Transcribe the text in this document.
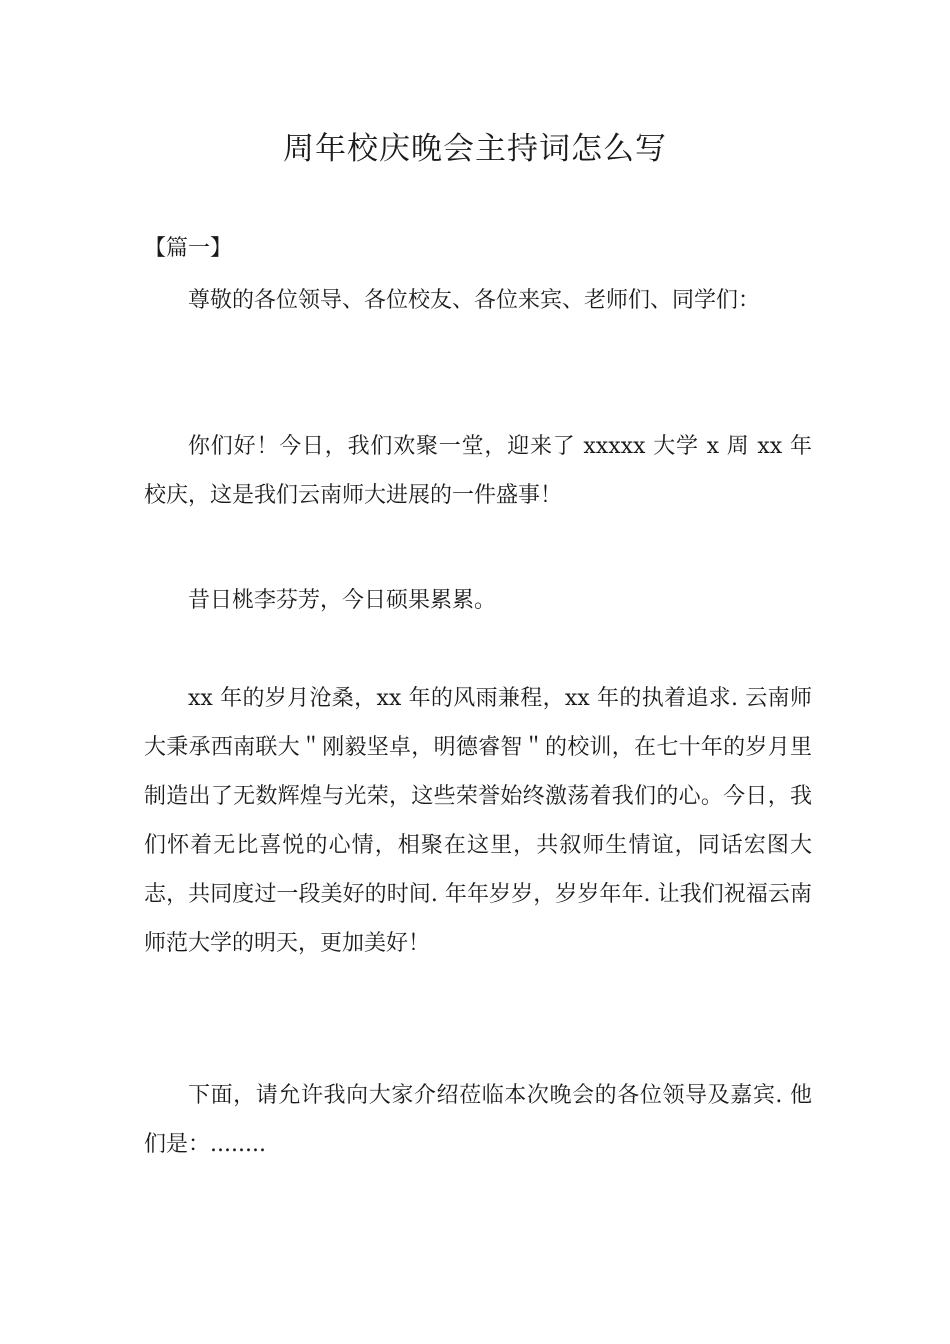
周年校庆晚会主持词怎么写
【篇一】

尊敬的各位领导、各位校友、各位来宾、老师们、同学们：

你们好！今日，我们欢聚一堂，迎来了 xxxxx 大学 x 周 xx 年校庆，这是我们云南师大进展的一件盛事！

昔日桃李芬芳，今日硕果累累。

xx 年的岁月沧桑，xx 年的风雨兼程，xx 年的执着追求. 云南师大秉承西南联大＂刚毅坚卓，明德睿智＂的校训，在七十年的岁月里制造出了无数辉煌与光荣，这些荣誉始终激荡着我们的心。今日，我们怀着无比喜悦的心情，相聚在这里，共叙师生情谊，同话宏图大志，共同度过一段美好的时间. 年年岁岁，岁岁年年. 让我们祝福云南师范大学的明天，更加美好！

下面，请允许我向大家介绍莅临本次晚会的各位领导及嘉宾. 他们是：........
